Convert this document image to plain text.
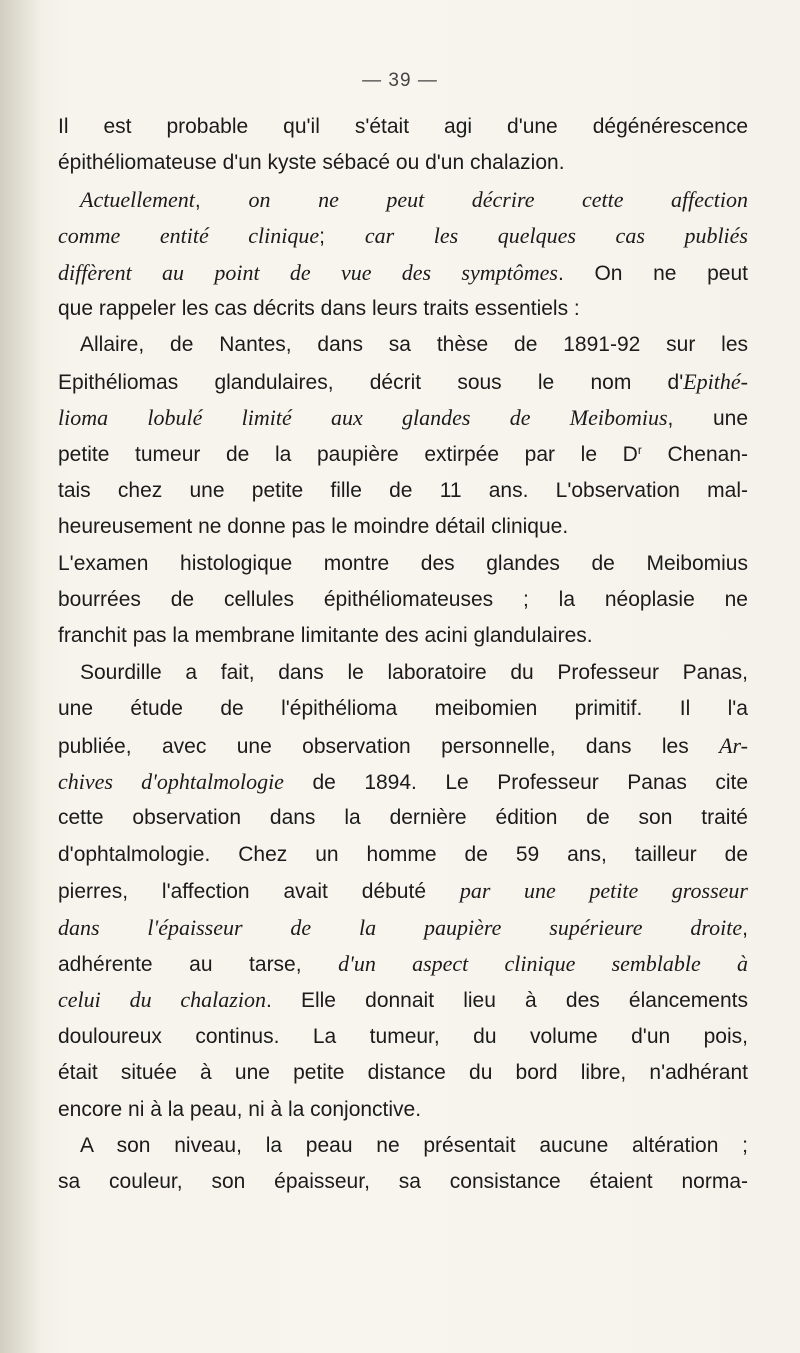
— 39 —
Il est probable qu'il s'était agi d'une dégénérescence
épithéliomateuse d'un kyste sébacé ou d'un chalazion.
Actuellement, on ne peut décrire cette affection
comme entité clinique; car les quelques cas publiés
diffèrent au point de vue des symptômes. On ne peut
que rappeler les cas décrits dans leurs traits essentiels :
Allaire, de Nantes, dans sa thèse de 1891-92 sur les
Epithéliomas glandulaires, décrit sous le nom d'Epithé-
lioma lobulé limité aux glandes de Meibomius, une
petite tumeur de la paupière extirpée par le $D^r$ Chenan-
tais chez une petite fille de 11 ans. L'observation mal-
heureusement ne donne pas le moindre détail clinique.
L'examen histologique montre des glandes de Meibomius
bourrées de cellules épithéliomateuses ; la néoplasie ne
franchit pas la membrane limitante des acini glandulaires.
Sourdille a fait, dans le laboratoire du Professeur Panas,
une étude de l'épithélioma meibomien primitif. Il l'a
publiée, avec une observation personnelle, dans les Ar-
chives d'ophtalmologie de 1894. Le Professeur Panas cite
cette observation dans la dernière édition de son traité
d'ophtalmologie. Chez un homme de 59 ans, tailleur de
pierres, l'affection avait débuté par une petite grosseur
dans l'épaisseur de la paupière supérieure droite,
adhérente au tarse, d'un aspect clinique semblable à
celui du chalazion. Elle donnait lieu à des élancements
douloureux continus. La tumeur, du volume d'un pois,
était située à une petite distance du bord libre, n'adhérant
encore ni à la peau, ni à la conjonctive.
A son niveau, la peau ne présentait aucune altération ;
sa couleur, son épaisseur, sa consistance étaient norma-
